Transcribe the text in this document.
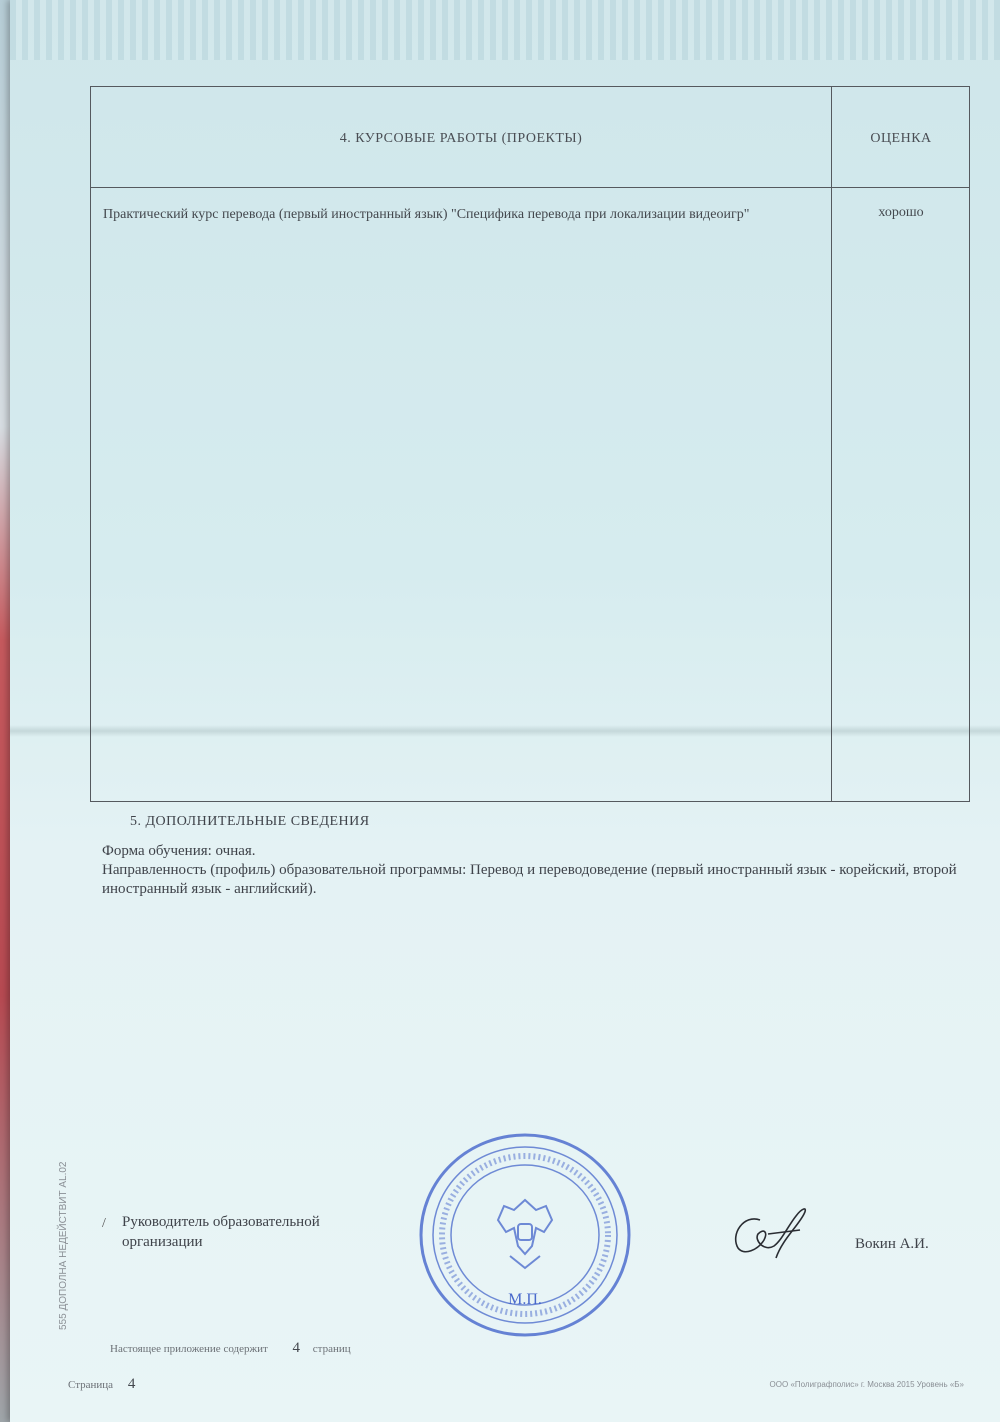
4. КУРСОВЫЕ РАБОТЫ (ПРОЕКТЫ)	ОЦЕНКА
Практический курс перевода (первый иностранный язык) "Специфика перевода при локализации видеоигр"	хорошо
5. ДОПОЛНИТЕЛЬНЫЕ СВЕДЕНИЯ
Форма обучения: очная.
Направленность (профиль) образовательной программы: Перевод и переводоведение (первый иностранный язык - корейский, второй иностранный язык - английский).
555 ДОПОЛНА НЕДЕЙСТВИТ АL.02 / Руководитель образовательной организации
М.П.
Вокин А.И.
Настоящее приложение содержит 4 страниц
Страница 4	ООО «Полиграфполис» г. Москва 2015 Уровень «Б»
